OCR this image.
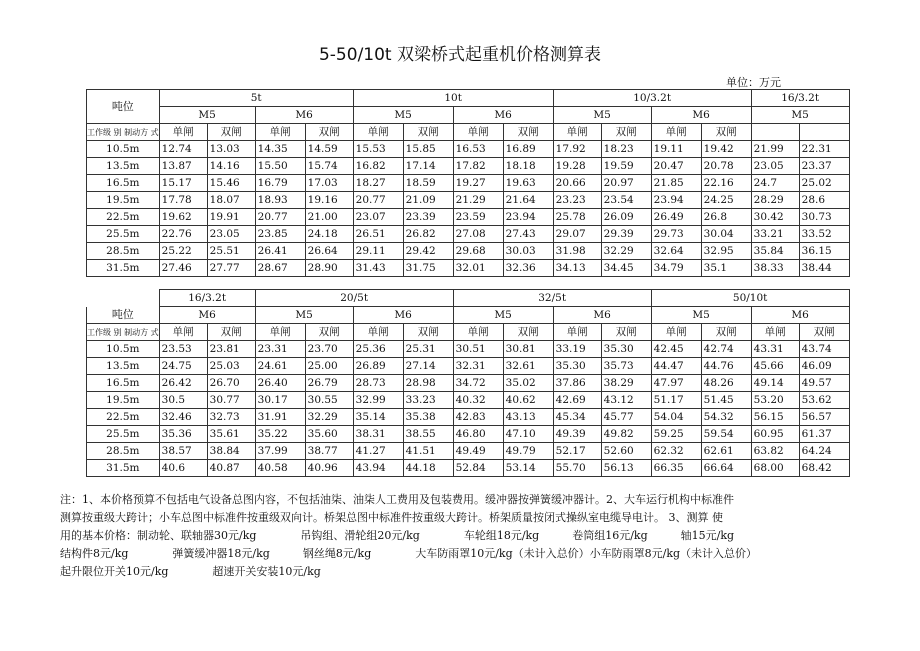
5-50/10t 双梁桥式起重机价格测算表
单位：万元
吨位	5t				10t				10/3.2t				16/3.2t	
	M5		M6		M5		M6		M5		M6		M5	
工作级 别 制动方 式	单闸	双闸	单闸	双闸	单闸	双闸	单闸	双闸	单闸	双闸	单闸	双闸		
10.5m	12.74	13.03	14.35	14.59	15.53	15.85	16.53	16.89	17.92	18.23	19.11	19.42	21.99	22.31
13.5m	13.87	14.16	15.50	15.74	16.82	17.14	17.82	18.18	19.28	19.59	20.47	20.78	23.05	23.37
16.5m	15.17	15.46	16.79	17.03	18.27	18.59	19.27	19.63	20.66	20.97	21.85	22.16	24.7	25.02
19.5m	17.78	18.07	18.93	19.16	20.77	21.09	21.29	21.64	23.23	23.54	23.94	24.25	28.29	28.6
22.5m	19.62	19.91	20.77	21.00	23.07	23.39	23.59	23.94	25.78	26.09	26.49	26.8	30.42	30.73
25.5m	22.76	23.05	23.85	24.18	26.51	26.82	27.08	27.43	29.07	29.39	29.73	30.04	33.21	33.52
28.5m	25.22	25.51	26.41	26.64	29.11	29.42	29.68	30.03	31.98	32.29	32.64	32.95	35.84	36.15
31.5m	27.46	27.77	28.67	28.90	31.43	31.75	32.01	32.36	34.13	34.45	34.79	35.1	38.33	38.44
	16/3.2t		20/5t				32/5t				50/10t			
吨位	M6		M5		M6		M5		M6		M5		M6	
工作级 别 制动方 式	单闸	双闸	单闸	双闸	单闸	双闸	单闸	双闸	单闸	双闸	单闸	双闸	单闸	双闸
10.5m	23.53	23.81	23.31	23.70	25.36	25.31	30.51	30.81	33.19	35.30	42.45	42.74	43.31	43.74
13.5m	24.75	25.03	24.61	25.00	26.89	27.14	32.31	32.61	35.30	35.73	44.47	44.76	45.66	46.09
16.5m	26.42	26.70	26.40	26.79	28.73	28.98	34.72	35.02	37.86	38.29	47.97	48.26	49.14	49.57
19.5m	30.5	30.77	30.17	30.55	32.99	33.23	40.32	40.62	42.69	43.12	51.17	51.45	53.20	53.62
22.5m	32.46	32.73	31.91	32.29	35.14	35.38	42.83	43.13	45.34	45.77	54.04	54.32	56.15	56.57
25.5m	35.36	35.61	35.22	35.60	38.31	38.55	46.80	47.10	49.39	49.82	59.25	59.54	60.95	61.37
28.5m	38.57	38.84	37.99	38.77	41.27	41.51	49.49	49.79	52.17	52.60	62.32	62.61	63.82	64.24
31.5m	40.6	40.87	40.58	40.96	43.94	44.18	52.84	53.14	55.70	56.13	66.35	66.64	68.00	68.42

注：1、本价格预算不包括电气设备总图内容，不包括油柒、油柒人工费用及包装费用。缓冲器按弹簧缓冲器计。2、大车运行机构中标准件

测算按重级大跨计；小车总图中标准件按重级双向计。桥架总图中标准件按重级大跨计。桥架质量按闭式操纵室电缆导电计。 3、测算 使

用的基本价格：制动轮、联轴器30元/kg　　　　吊钩组、滑轮组20元/kg　　　　车轮组18元/kg　　　卷筒组16元/kg　　　轴15元/kg

结构件8元/kg　　　　弹簧缓冲器18元/kg　　　钢丝绳8元/kg　　　　大车防雨罩10元/kg（未计入总价）小车防雨罩8元/kg（未计入总价）

起升限位开关10元/kg　　　　超速开关安装10元/kg
